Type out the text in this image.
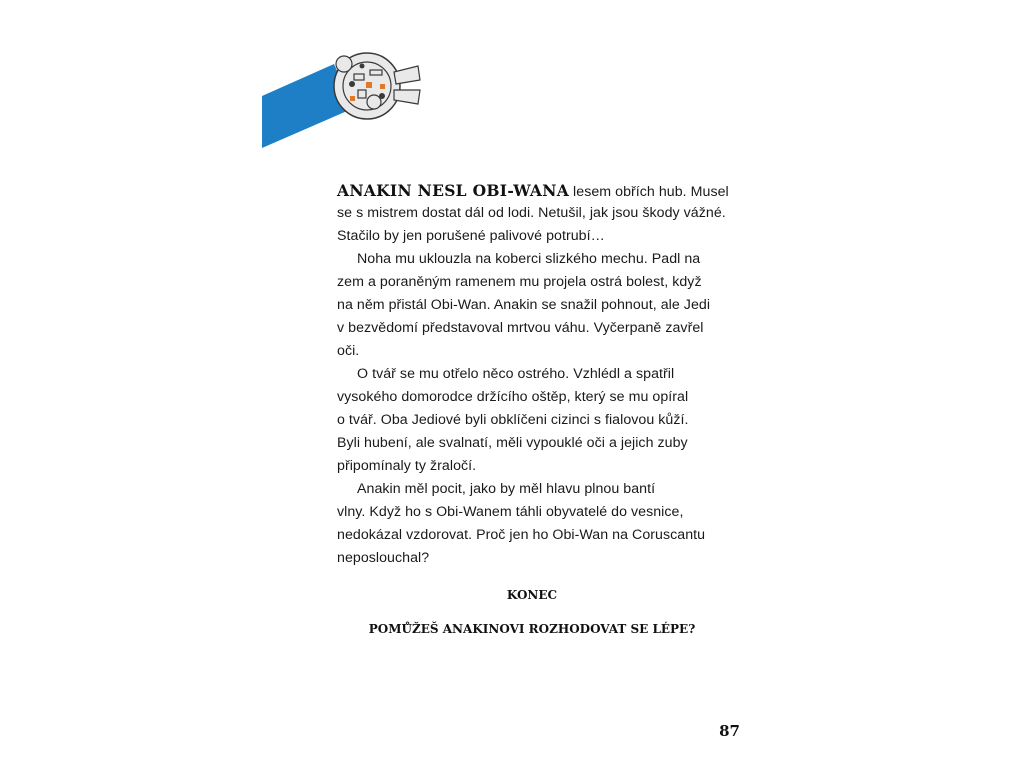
ANAKIN NESL OBI-WANA lesem obřích hub. Musel
se s mistrem dostat dál od lodi. Netušil, jak jsou škody vážné.
Stačilo by jen porušené palivové potrubí…

Noha mu uklouzla na koberci slizkého mechu. Padl na
zem a poraněným ramenem mu projela ostrá bolest, když
na něm přistál Obi-Wan. Anakin se snažil pohnout, ale Jedi
v bezvědomí představoval mrtvou váhu. Vyčerpaně zavřel
oči.

O tvář se mu otřelo něco ostrého. Vzhlédl a spatřil
vysokého domorodce držícího oštěp, který se mu opíral
o tvář. Oba Jediové byli obklíčeni cizinci s fialovou kůží.
Byli hubení, ale svalnatí, měli vypouklé oči a jejich zuby
připomínaly ty žraločí.

Anakin měl pocit, jako by měl hlavu plnou bantí
vlny. Když ho s Obi-Wanem táhli obyvatelé do vesnice,
nedokázal vzdorovat. Proč jen ho Obi-Wan na Coruscantu
neposlouchal?

KONEC
POMŮŽEŠ ANAKINOVI ROZHODOVAT SE LÉPE?
87
